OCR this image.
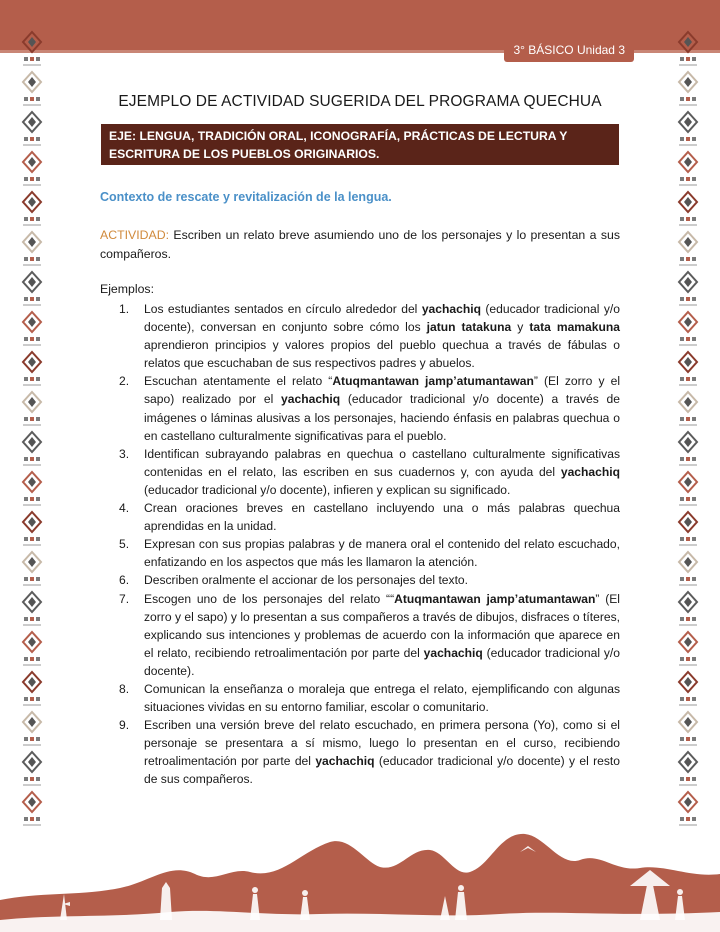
3° BÁSICO Unidad 3
EJEMPLO DE ACTIVIDAD SUGERIDA DEL PROGRAMA QUECHUA
EJE: LENGUA, TRADICIÓN ORAL, ICONOGRAFÍA, PRÁCTICAS DE LECTURA Y ESCRITURA DE LOS PUEBLOS ORIGINARIOS.
Contexto de rescate y revitalización de la lengua.
ACTIVIDAD: Escriben un relato breve asumiendo uno de los personajes y lo presentan a sus compañeros.
Ejemplos:
1. Los estudiantes sentados en círculo alrededor del yachachiq (educador tradicional y/o docente), conversan en conjunto sobre cómo los jatun tatakuna y tata mamakuna aprendieron principios y valores propios del pueblo quechua a través de fábulas o relatos que escuchaban de sus respectivos padres y abuelos.
2. Escuchan atentamente el relato “Atuqmantawan jamp’atumantawan” (El zorro y el sapo) realizado por el yachachiq (educador tradicional y/o docente) a través de imágenes o láminas alusivas a los personajes, haciendo énfasis en palabras quechua o en castellano culturalmente significativas para el pueblo.
3. Identifican subrayando palabras en quechua o castellano culturalmente significativas contenidas en el relato, las escriben en sus cuadernos y, con ayuda del yachachiq (educador tradicional y/o docente), infieren y explican su significado.
4. Crean oraciones breves en castellano incluyendo una o más palabras quechua aprendidas en la unidad.
5. Expresan con sus propias palabras y de manera oral el contenido del relato escuchado, enfatizando en los aspectos que más les llamaron la atención.
6. Describen oralmente el accionar de los personajes del texto.
7. Escogen uno de los personajes del relato ““Atuqmantawan jamp’atumantawan” (El zorro y el sapo) y lo presentan a sus compañeros a través de dibujos, disfraces o títeres, explicando sus intenciones y problemas de acuerdo con la información que aparece en el relato, recibiendo retroalimentación por parte del yachachiq (educador tradicional y/o docente).
8. Comunican la enseñanza o moraleja que entrega el relato, ejemplificando con algunas situaciones vividas en su entorno familiar, escolar o comunitario.
9. Escriben una versión breve del relato escuchado, en primera persona (Yo), como si el personaje se presentara a sí mismo, luego lo presentan en el curso, recibiendo retroalimentación por parte del yachachiq (educador tradicional y/o docente) y el resto de sus compañeros.
